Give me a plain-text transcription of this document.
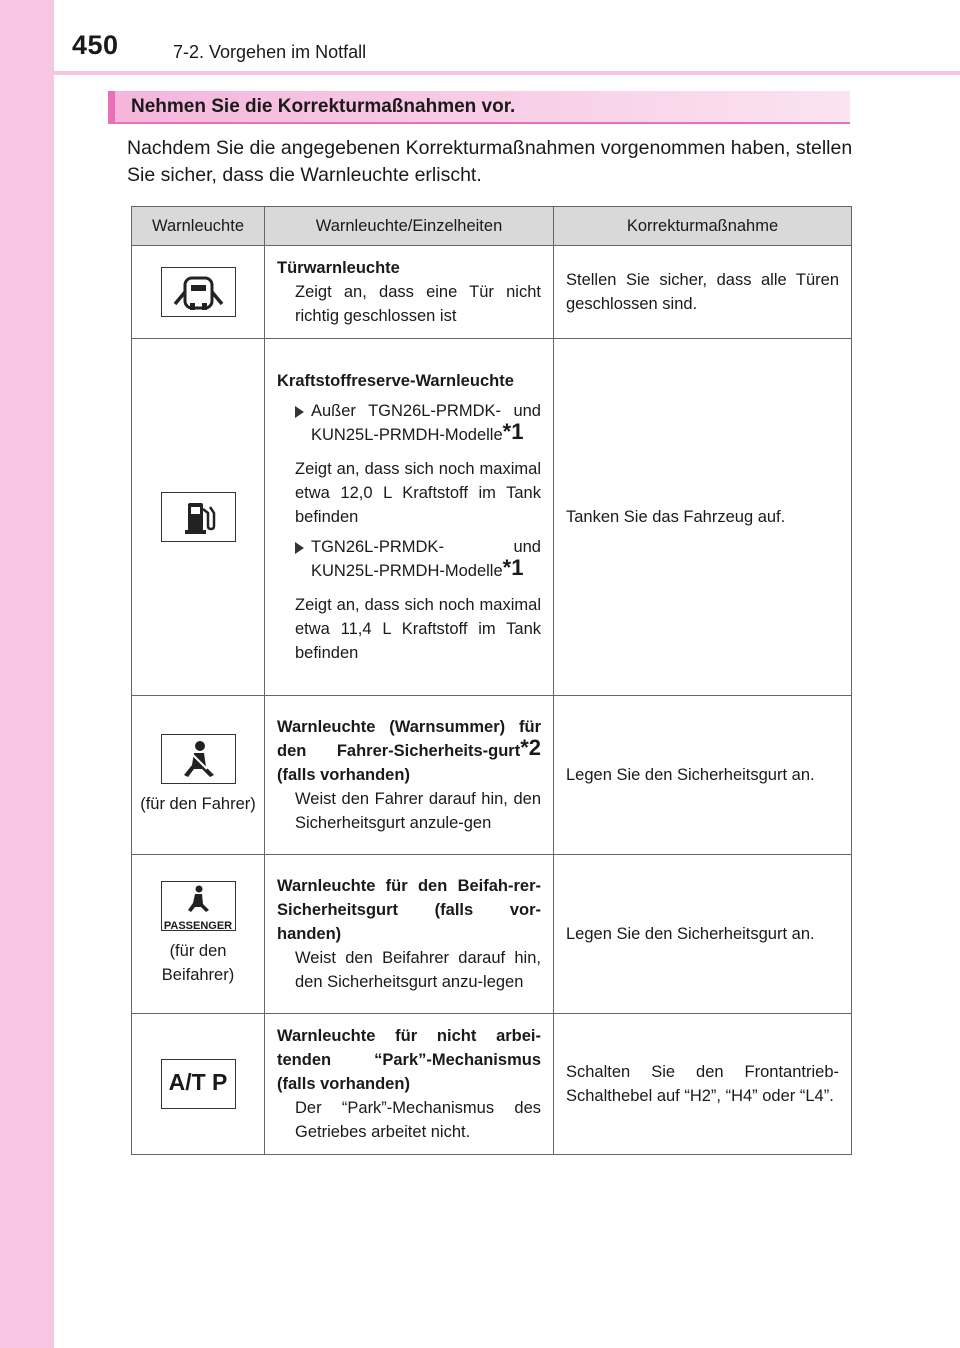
450	7-2. Vorgehen im Notfall
Nehmen Sie die Korrekturmaßnahmen vor.
Nachdem Sie die angegebenen Korrekturmaßnahmen vorgenommen haben, stellen Sie sicher, dass die Warnleuchte erlischt.
Warnleuchte	Warnleuchte/Einzelheiten	Korrekturmaßnahme

	Türwarnleuchte
Zeigt an, dass eine Tür nicht richtig geschlossen ist	Stellen Sie sicher, dass alle Türen geschlossen sind.

	Kraftstoffreserve-Warnleuchte
Außer TGN26L-PRMDK- und KUN25L-PRMDH-Modelle*1
Zeigt an, dass sich noch maximal etwa 12,0 L Kraftstoff im Tank befinden
TGN26L-PRMDK- und KUN25L-PRMDH-Modelle*1
Zeigt an, dass sich noch maximal etwa 11,4 L Kraftstoff im Tank befinden	Tanken Sie das Fahrzeug auf.

(für den Fahrer)	Warnleuchte (Warnsummer) für den Fahrer-Sicherheits-gurt*2 (falls vorhanden)
Weist den Fahrer darauf hin, den Sicherheitsgurt anzule-gen	Legen Sie den Sicherheitsgurt an.

PASSENGER
(für den Beifahrer)	Warnleuchte für den Beifah-rer-Sicherheitsgurt (falls vor-handen)
Weist den Beifahrer darauf hin, den Sicherheitsgurt anzu-legen	Legen Sie den Sicherheitsgurt an.

A/T P	Warnleuchte für nicht arbei-tenden “Park”-Mechanismus (falls vorhanden)
Der “Park”-Mechanismus des Getriebes arbeitet nicht.	Schalten Sie den Frontantrieb-Schalthebel auf “H2”, “H4” oder “L4”.
